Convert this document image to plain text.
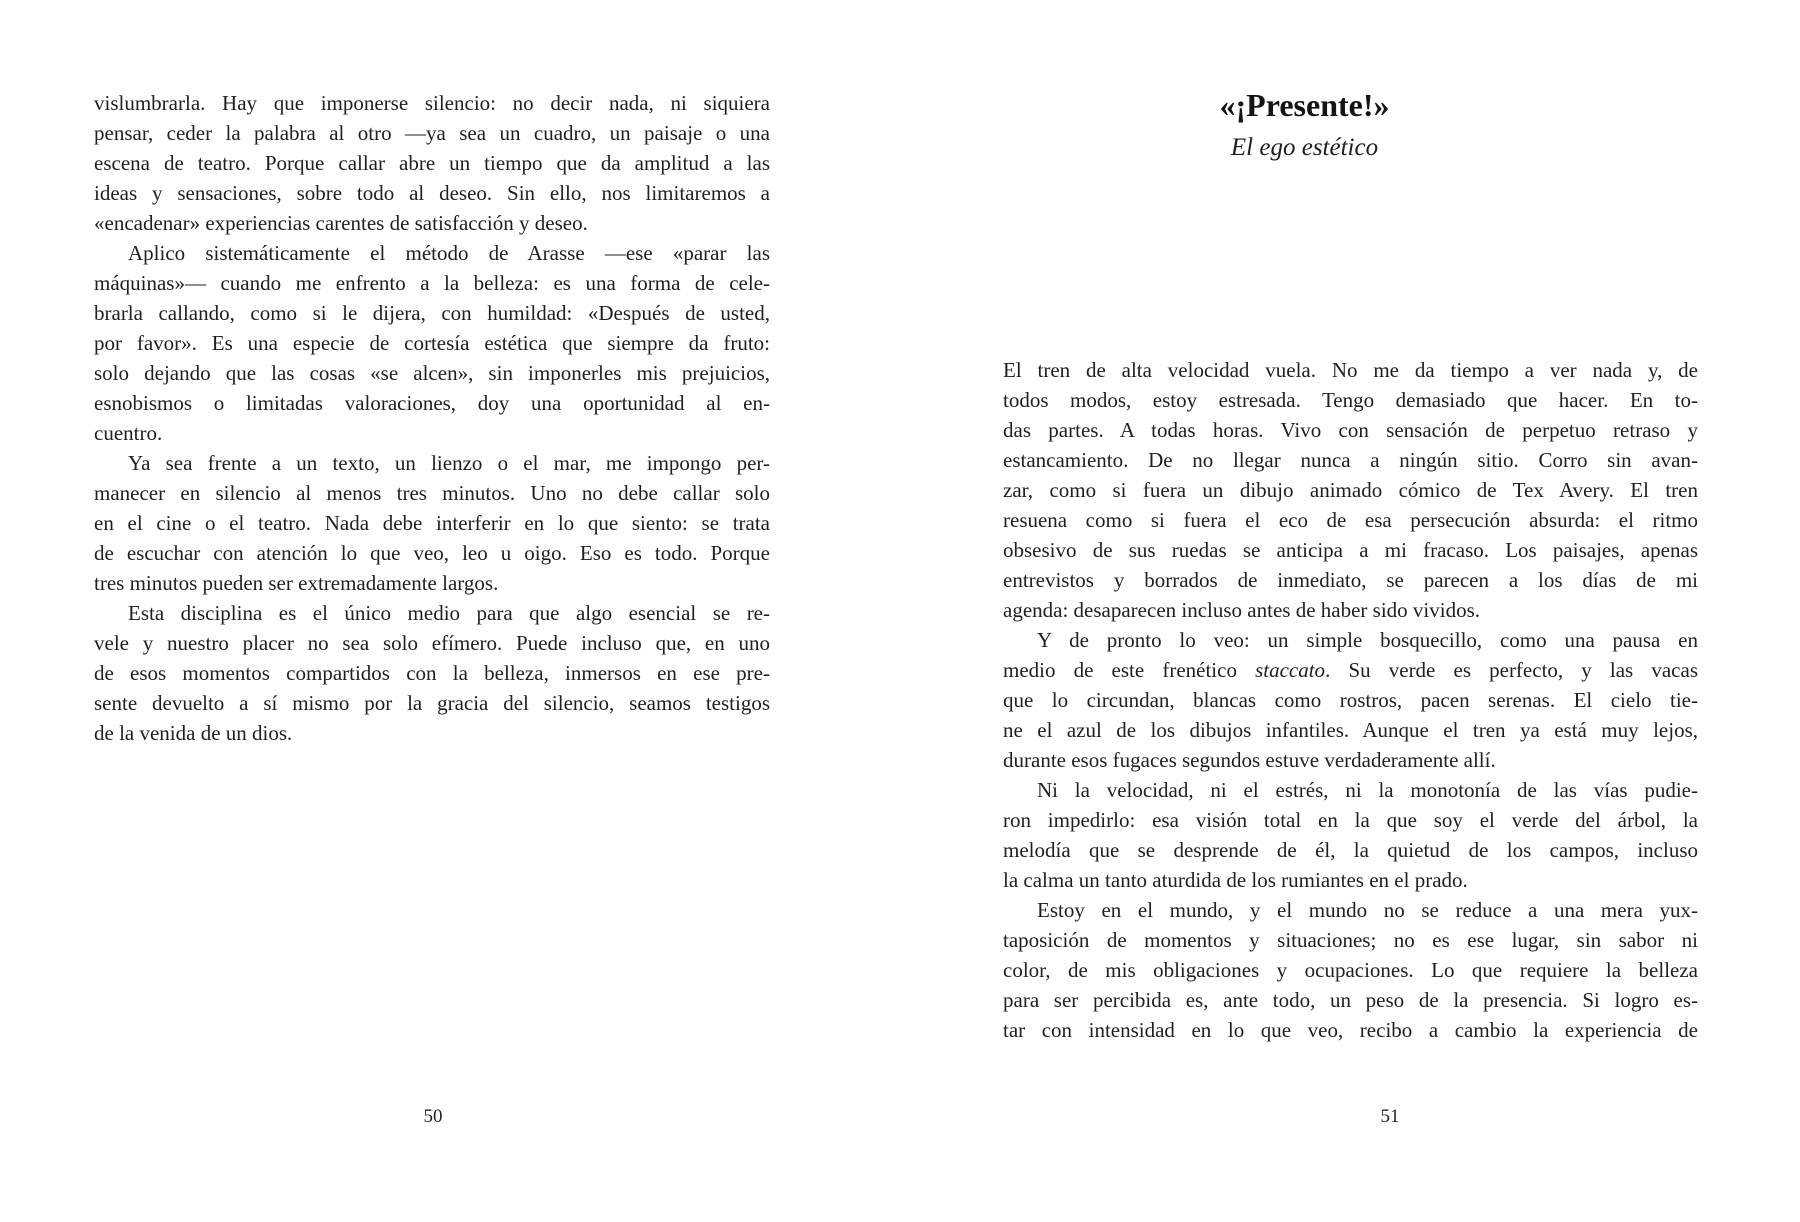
vislumbrarla. Hay que imponerse silencio: no decir nada, ni siquiera
pensar, ceder la palabra al otro —ya sea un cuadro, un paisaje o una
escena de teatro. Porque callar abre un tiempo que da amplitud a las
ideas y sensaciones, sobre todo al deseo. Sin ello, nos limitaremos a
«encadenar» experiencias carentes de satisfacción y deseo.
Aplico sistemáticamente el método de Arasse —ese «parar las
máquinas»— cuando me enfrento a la belleza: es una forma de cele-
brarla callando, como si le dijera, con humildad: «Después de usted,
por favor». Es una especie de cortesía estética que siempre da fruto:
solo dejando que las cosas «se alcen», sin imponerles mis prejuicios,
esnobismos o limitadas valoraciones, doy una oportunidad al en-
cuentro.
Ya sea frente a un texto, un lienzo o el mar, me impongo per-
manecer en silencio al menos tres minutos. Uno no debe callar solo
en el cine o el teatro. Nada debe interferir en lo que siento: se trata
de escuchar con atención lo que veo, leo u oigo. Eso es todo. Porque
tres minutos pueden ser extremadamente largos.
Esta disciplina es el único medio para que algo esencial se re-
vele y nuestro placer no sea solo efímero. Puede incluso que, en uno
de esos momentos compartidos con la belleza, inmersos en ese pre-
sente devuelto a sí mismo por la gracia del silencio, seamos testigos
de la venida de un dios.
50
«¡Presente!»
El ego estético
El tren de alta velocidad vuela. No me da tiempo a ver nada y, de
todos modos, estoy estresada. Tengo demasiado que hacer. En to-
das partes. A todas horas. Vivo con sensación de perpetuo retraso y
estancamiento. De no llegar nunca a ningún sitio. Corro sin avan-
zar, como si fuera un dibujo animado cómico de Tex Avery. El tren
resuena como si fuera el eco de esa persecución absurda: el ritmo
obsesivo de sus ruedas se anticipa a mi fracaso. Los paisajes, apenas
entrevistos y borrados de inmediato, se parecen a los días de mi
agenda: desaparecen incluso antes de haber sido vividos.
Y de pronto lo veo: un simple bosquecillo, como una pausa en
medio de este frenético staccato. Su verde es perfecto, y las vacas
que lo circundan, blancas como rostros, pacen serenas. El cielo tie-
ne el azul de los dibujos infantiles. Aunque el tren ya está muy lejos,
durante esos fugaces segundos estuve verdaderamente allí.
Ni la velocidad, ni el estrés, ni la monotonía de las vías pudie-
ron impedirlo: esa visión total en la que soy el verde del árbol, la
melodía que se desprende de él, la quietud de los campos, incluso
la calma un tanto aturdida de los rumiantes en el prado.
Estoy en el mundo, y el mundo no se reduce a una mera yux-
taposición de momentos y situaciones; no es ese lugar, sin sabor ni
color, de mis obligaciones y ocupaciones. Lo que requiere la belleza
para ser percibida es, ante todo, un peso de la presencia. Si logro es-
tar con intensidad en lo que veo, recibo a cambio la experiencia de
51
